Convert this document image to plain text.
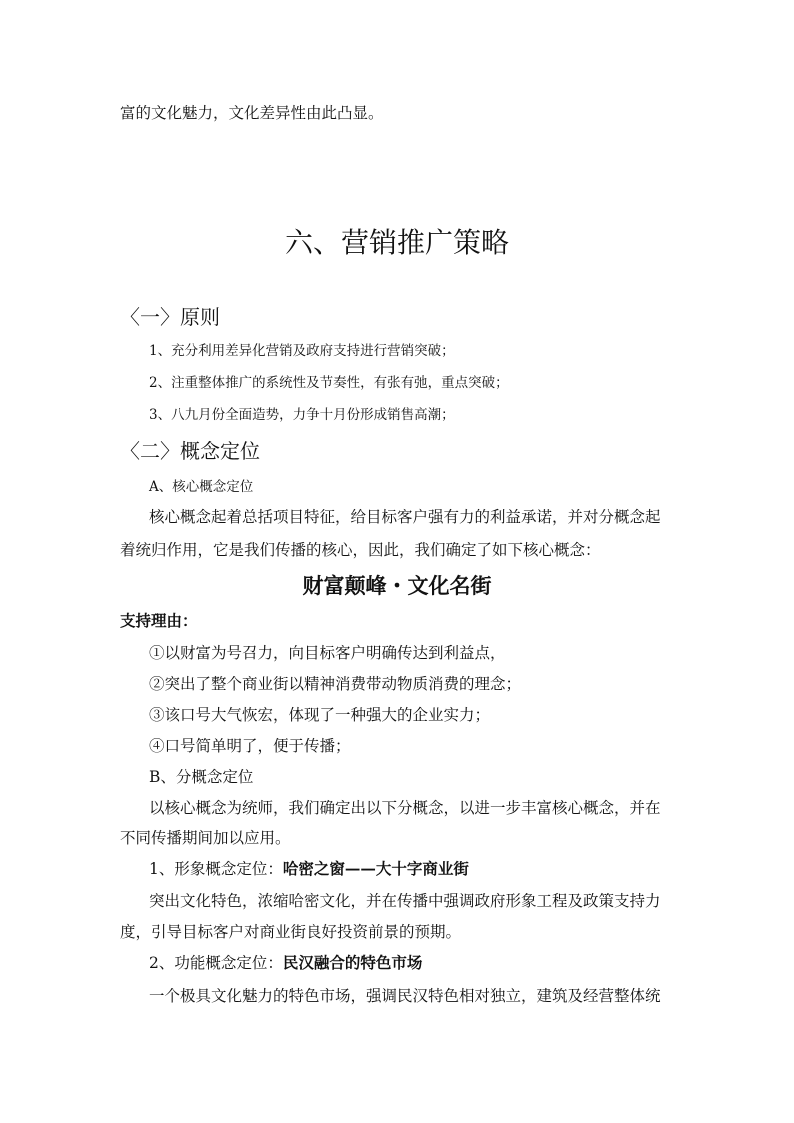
富的文化魅力，文化差异性由此凸显。
六、营销推广策略
〈一〉原则
1、充分利用差异化营销及政府支持进行营销突破；
2、注重整体推广的系统性及节奏性，有张有弛，重点突破；
3、八九月份全面造势，力争十月份形成销售高潮；
〈二〉概念定位
A、核心概念定位
核心概念起着总括项目特征，给目标客户强有力的利益承诺，并对分概念起
着统归作用，它是我们传播的核心，因此，我们确定了如下核心概念：
财富颠峰・文化名街
支持理由：
①以财富为号召力，向目标客户明确传达到利益点，
②突出了整个商业街以精神消费带动物质消费的理念；
③该口号大气恢宏，体现了一种强大的企业实力；
④口号简单明了，便于传播；
B、分概念定位
以核心概念为统师，我们确定出以下分概念，以进一步丰富核心概念，并在
不同传播期间加以应用。
1、形象概念定位：哈密之窗——大十字商业街
突出文化特色，浓缩哈密文化，并在传播中强调政府形象工程及政策支持力
度，引导目标客户对商业街良好投资前景的预期。
2、功能概念定位：民汉融合的特色市场
一个极具文化魅力的特色市场，强调民汉特色相对独立，建筑及经营整体统
